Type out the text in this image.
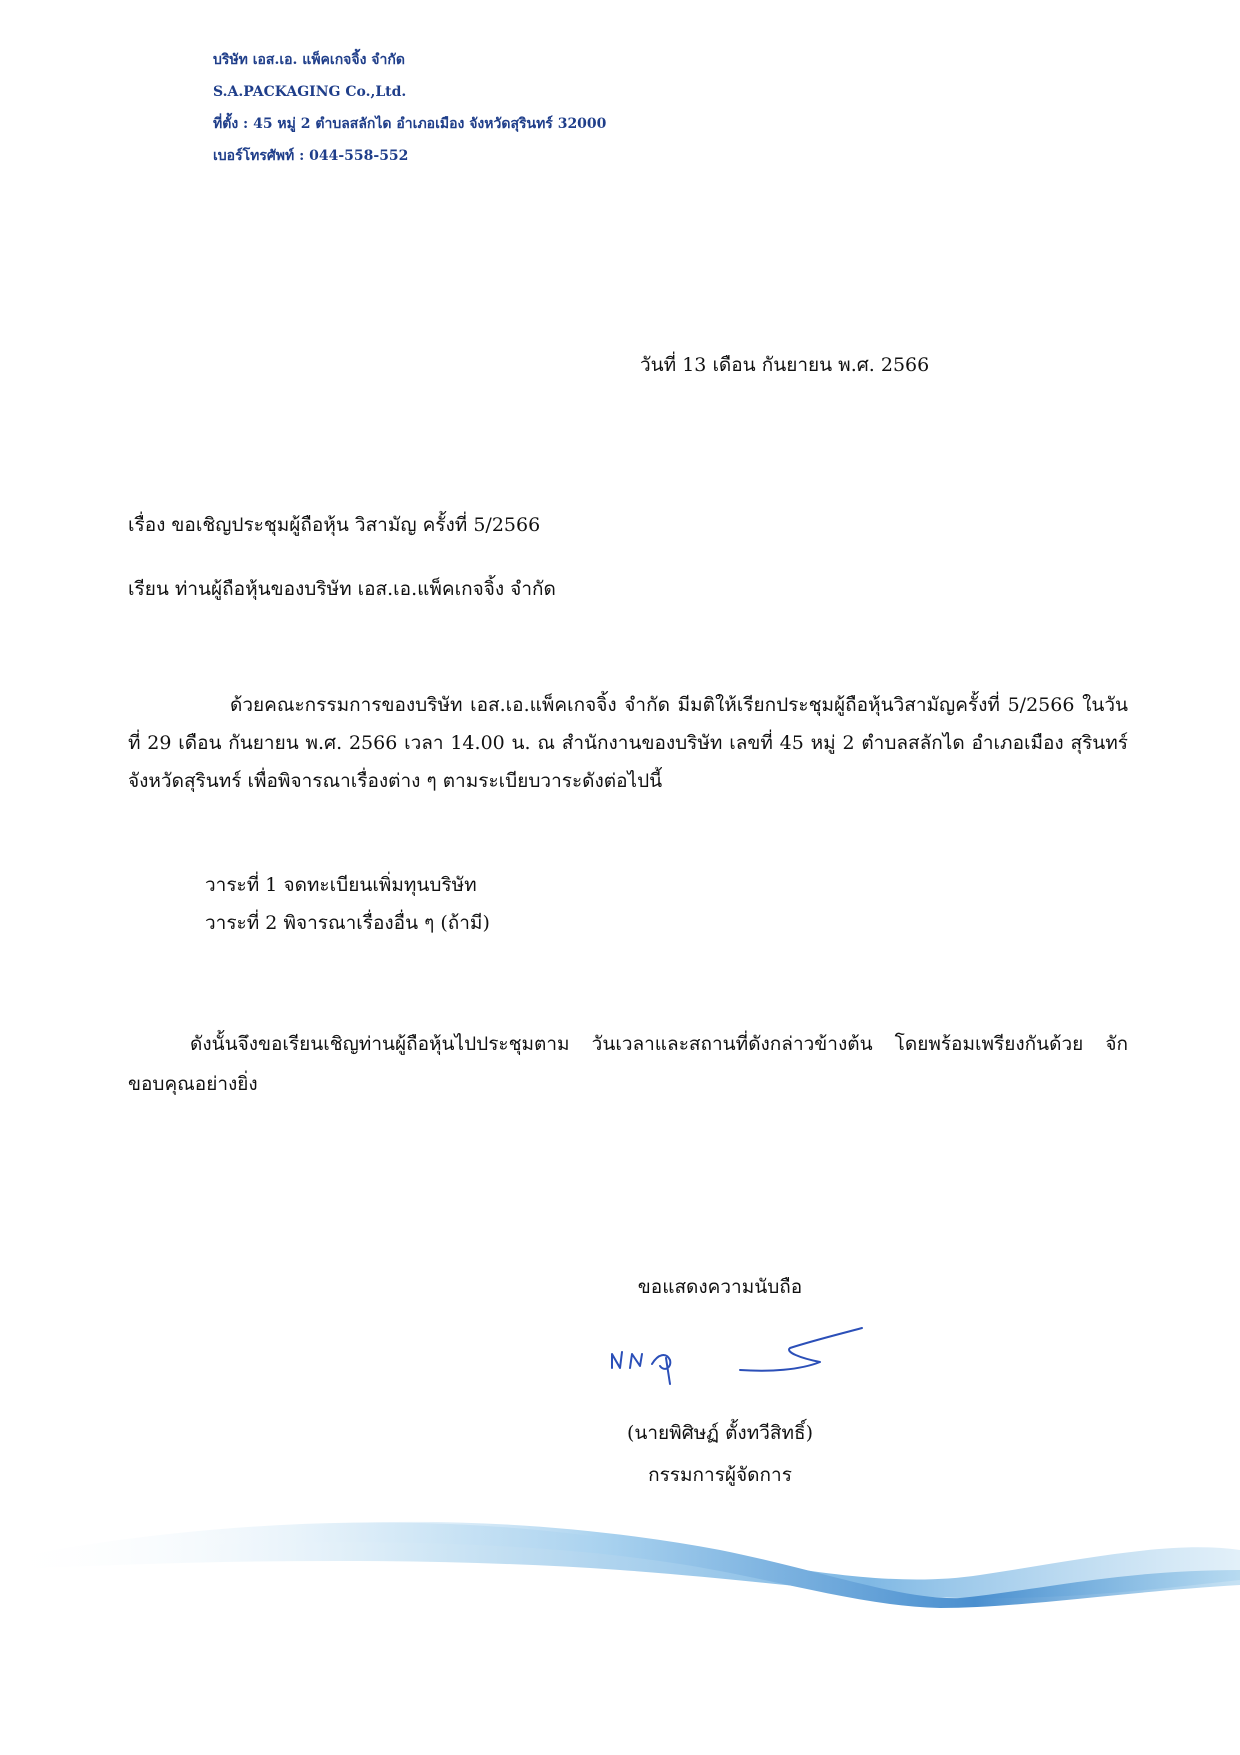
บริษัท เอส.เอ. แพ็คเกจจิ้ง จำกัด
S.A.PACKAGING Co.,Ltd.
ที่ตั้ง : 45 หมู่ 2 ตำบลสลักได อำเภอเมือง จังหวัดสุรินทร์ 32000
เบอร์โทรศัพท์ : 044-558-552
วันที่ 13 เดือน กันยายน พ.ศ. 2566
เรื่อง ขอเชิญประชุมผู้ถือหุ้น วิสามัญ ครั้งที่ 5/2566
เรียน ท่านผู้ถือหุ้นของบริษัท เอส.เอ.แพ็คเกจจิ้ง จำกัด
ด้วยคณะกรรมการของบริษัท เอส.เอ.แพ็คเกจจิ้ง จำกัด มีมติให้เรียกประชุมผู้ถือหุ้นวิสามัญครั้งที่ 5/2566 ในวันที่ 29 เดือน กันยายน พ.ศ. 2566 เวลา 14.00 น. ณ สำนักงานของบริษัท เลขที่ 45 หมู่ 2 ตำบลสลักได อำเภอเมือง สุรินทร์ จังหวัดสุรินทร์ เพื่อพิจารณาเรื่องต่าง ๆ ตามระเบียบวาระดังต่อไปนี้
วาระที่ 1 จดทะเบียนเพิ่มทุนบริษัท
วาระที่ 2 พิจารณาเรื่องอื่น ๆ (ถ้ามี)
ดังนั้นจึงขอเรียนเชิญท่านผู้ถือหุ้นไปประชุมตาม วันเวลาและสถานที่ดังกล่าวข้างต้น โดยพร้อมเพรียงกันด้วย จักขอบคุณอย่างยิ่ง
ขอแสดงความนับถือ
(นายพิศิษฏ์ ตั้งทวีสิทธิ์)
กรรมการผู้จัดการ
